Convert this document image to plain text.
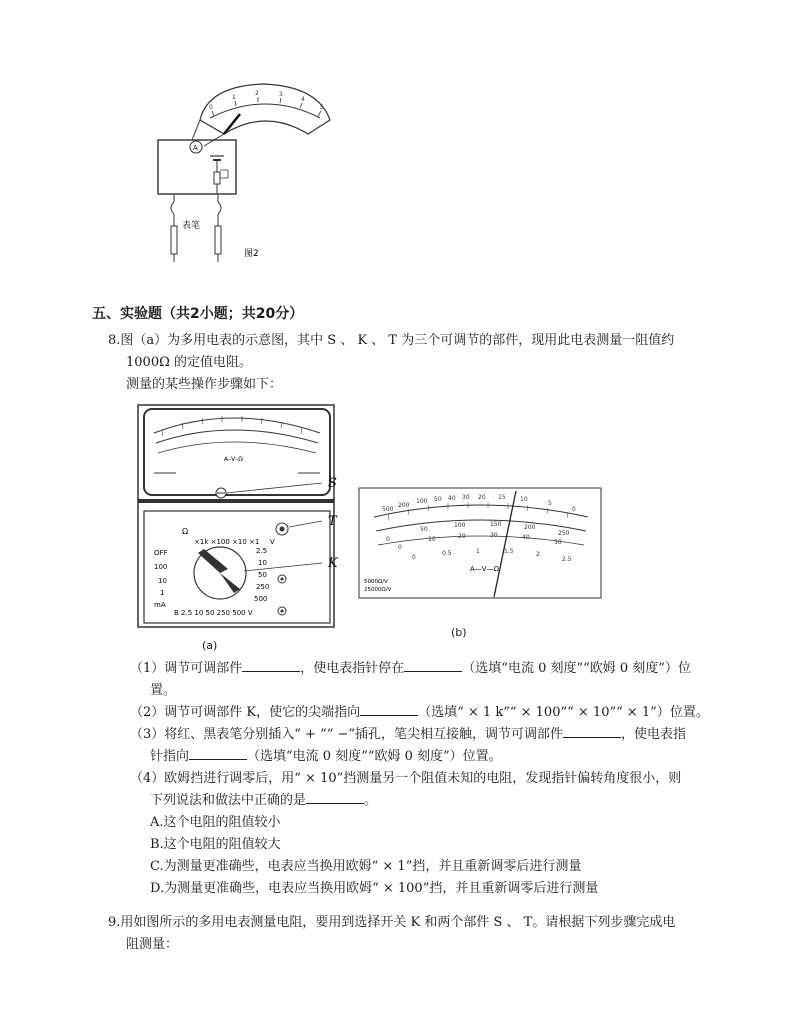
0
1
2	3
4
5
A
表笔
图2
五、实验题（共2小题；共20分）
8.图（a）为多用电表的示意图，其中 S 、 K 、 T 为三个可调节的部件，现用此电表测量一阻值约
1000Ω 的定值电阻。
测量的某些操作步骤如下：
A–V–Ω
S
Ω
×1k ×100 ×10 ×1 V
T
K
OFF
100
10
1
mA
2.5
10
50
250
500
B 2.5 10 50 250 500 V
(a)
500
200
100 50 40 30 20 15 10
5
0
0
50
100	150	200
250
0
10	20	30	40
50
0
0.5	1	1.5	2
2.5
A—V—Ω
5000Ω/V
25000Ω/V
(b)

（1）调节可调部件	，使电表指针停在	（选填“电流 0 刻度”“欧姆 0 刻度”）位

置。

（2）调节可调部件 K，使它的尖端指向	（选填“ × 1 k”“ × 100”“ × 10”“ × 1”）位置。

（3）将红、黑表笔分别插入“ + ”“ −”插孔，笔尖相互接触，调节可调部件	，使电表指

针指向	（选填“电流 0 刻度”“欧姆 0 刻度”）位置。

（4）欧姆挡进行调零后，用“ × 10”挡测量另一个阻值未知的电阻，发现指针偏转角度很小，则

下列说法和做法中正确的是	。

A.这个电阻的阻值较小

B.这个电阻的阻值较大

C.为测量更准确些，电表应当换用欧姆“ × 1”挡，并且重新调零后进行测量

D.为测量更准确些，电表应当换用欧姆“ × 100”挡，并且重新调零后进行测量

9.用如图所示的多用电表测量电阻，要用到选择开关 K 和两个部件 S 、 T。请根据下列步骤完成电
阻测量：
